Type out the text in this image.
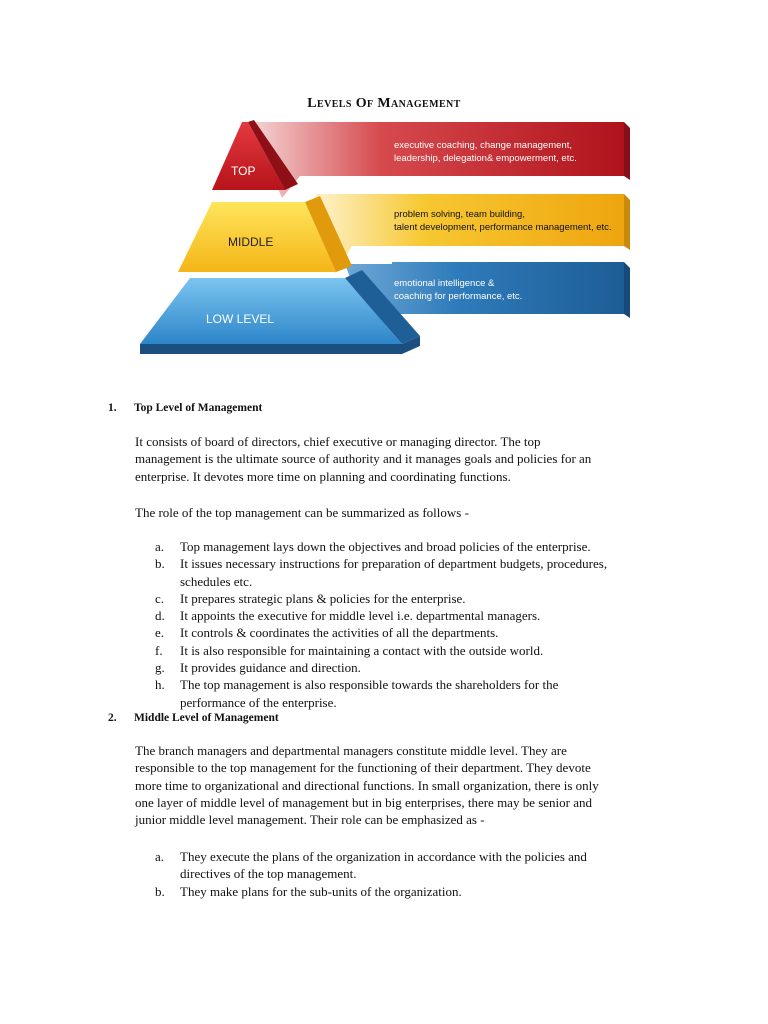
Levels Of Management
TOP
MIDDLE
LOW LEVEL
executive coaching, change management,
leadership, delegation& empowerment, etc.
problem solving, team building,
talent development, performance management, etc.
emotional intelligence &
coaching for performance, etc.
1. Top Level of Management
It consists of board of directors, chief executive or managing director. The top
management is the ultimate source of authority and it manages goals and policies for an
enterprise. It devotes more time on planning and coordinating functions.
The role of the top management can be summarized as follows -
a. Top management lays down the objectives and broad policies of the enterprise.
b. It issues necessary instructions for preparation of department budgets, procedures,
schedules etc.
c. It prepares strategic plans & policies for the enterprise.
d. It appoints the executive for middle level i.e. departmental managers.
e. It controls & coordinates the activities of all the departments.
f. It is also responsible for maintaining a contact with the outside world.
g. It provides guidance and direction.
h. The top management is also responsible towards the shareholders for the
performance of the enterprise.
2. Middle Level of Management
The branch managers and departmental managers constitute middle level. They are
responsible to the top management for the functioning of their department. They devote
more time to organizational and directional functions. In small organization, there is only
one layer of middle level of management but in big enterprises, there may be senior and
junior middle level management. Their role can be emphasized as -
a. They execute the plans of the organization in accordance with the policies and
directives of the top management.
b. They make plans for the sub-units of the organization.
